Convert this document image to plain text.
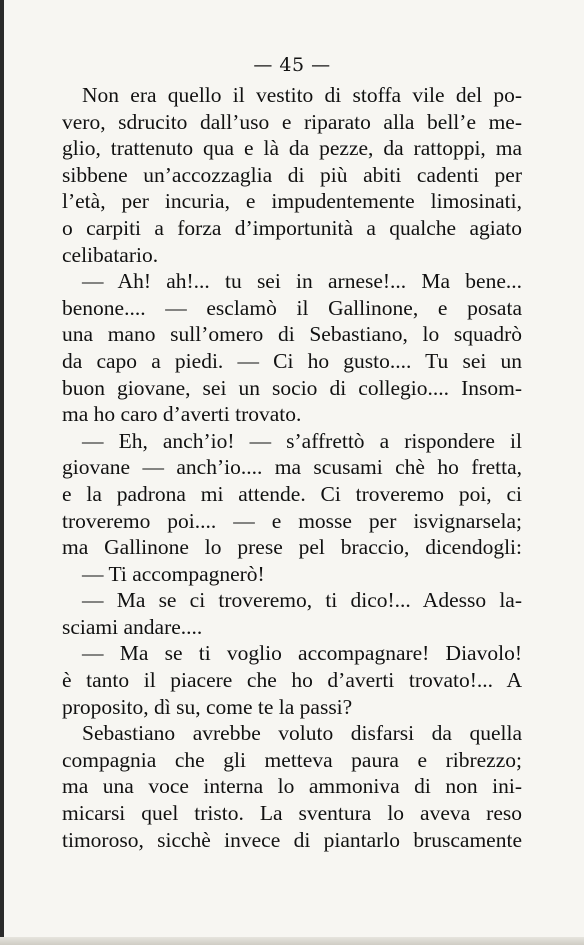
— 45 —
Non era quello il vestito di stoffa vile del po-
vero, sdrucito dall’uso e riparato alla bell’e me-
glio, trattenuto qua e là da pezze, da rattoppi, ma
sibbene un’accozzaglia di più abiti cadenti per
l’età, per incuria, e impudentemente limosinati,
o carpiti a forza d’importunità a qualche agiato
celibatario.
— Ah! ah!... tu sei in arnese!... Ma bene...
benone.... — esclamò il Gallinone, e posata
una mano sull’omero di Sebastiano, lo squadrò
da capo a piedi. — Ci ho gusto.... Tu sei un
buon giovane, sei un socio di collegio.... Insom-
ma ho caro d’averti trovato.
— Eh, anch’io! — s’affrettò a rispondere il
giovane — anch’io.... ma scusami chè ho fretta,
e la padrona mi attende. Ci troveremo poi, ci
troveremo poi.... — e mosse per isvignarsela;
ma Gallinone lo prese pel braccio, dicendogli:
— Ti accompagnerò!
— Ma se ci troveremo, ti dico!... Adesso la-
sciami andare....
— Ma se ti voglio accompagnare! Diavolo!
è tanto il piacere che ho d’averti trovato!... A
proposito, dì su, come te la passi?
Sebastiano avrebbe voluto disfarsi da quella
compagnia che gli metteva paura e ribrezzo;
ma una voce interna lo ammoniva di non ini-
micarsi quel tristo. La sventura lo aveva reso
timoroso, sicchè invece di piantarlo bruscamente
